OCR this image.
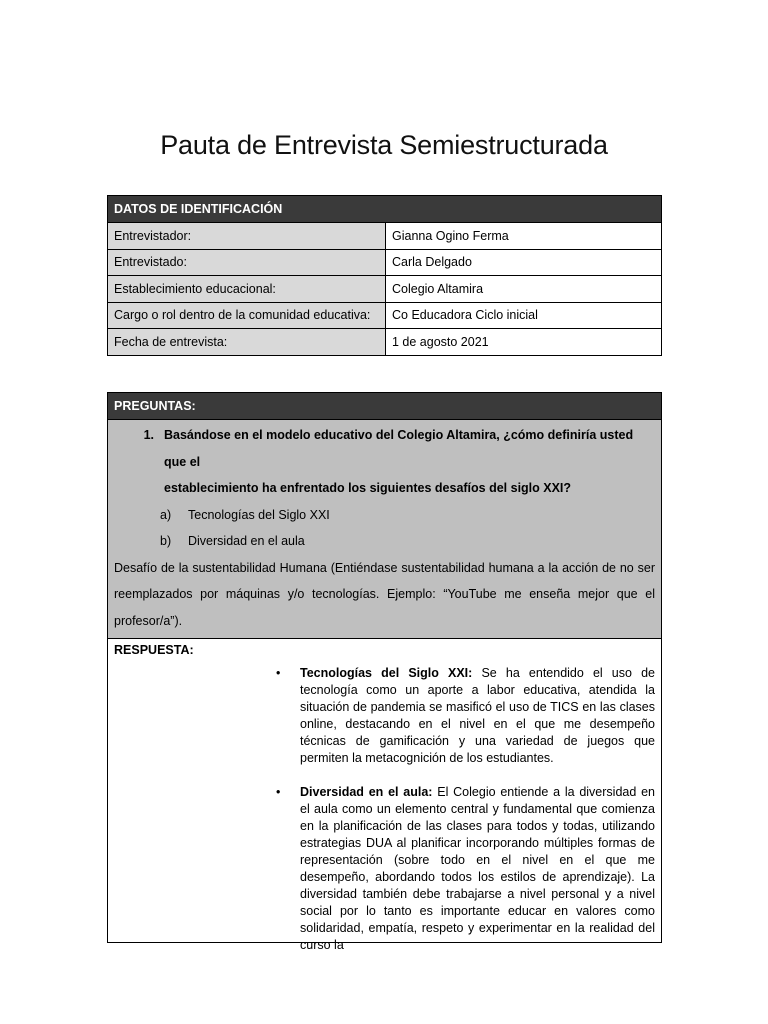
Pauta de Entrevista Semiestructurada
DATOS DE IDENTIFICACIÓN	
Entrevistador:	Gianna Ogino Ferma
Entrevistado:	Carla Delgado
Establecimiento educacional:	Colegio Altamira
Cargo o rol dentro de la comunidad educativa:	Co Educadora Ciclo inicial
Fecha de entrevista:	1 de agosto 2021
PREGUNTAS:

1. Basándose en el modelo educativo del Colegio Altamira, ¿cómo definiría usted que el
establecimiento ha enfrentado los siguientes desafíos del siglo XXI?
a)	Tecnologías del Siglo XXI
b)	Diversidad en el aula
Desafío de la sustentabilidad Humana (Entiéndase sustentabilidad humana a la acción de no ser reemplazados por máquinas y/o tecnologías. Ejemplo: “YouTube me enseña mejor que el profesor/a”).

RESPUESTA:
•	Tecnologías del Siglo XXI: Se ha entendido el uso de tecnología como un aporte a labor educativa, atendida la situación de pandemia se masificó el uso de TICS en las clases online, destacando en el nivel en el que me desempeño técnicas de gamificación y una variedad de juegos que permiten la metacognición de los estudiantes.
•	Diversidad en el aula: El Colegio entiende a la diversidad en el aula como un elemento central y fundamental que comienza en la planificación de las clases para todos y todas, utilizando estrategias DUA al planificar incorporando múltiples formas de representación (sobre todo en el nivel en el que me desempeño, abordando todos los estilos de aprendizaje). La diversidad también debe trabajarse a nivel personal y a nivel social por lo tanto es importante educar en valores como solidaridad, empatía, respeto y experimentar en la realidad del curso la
